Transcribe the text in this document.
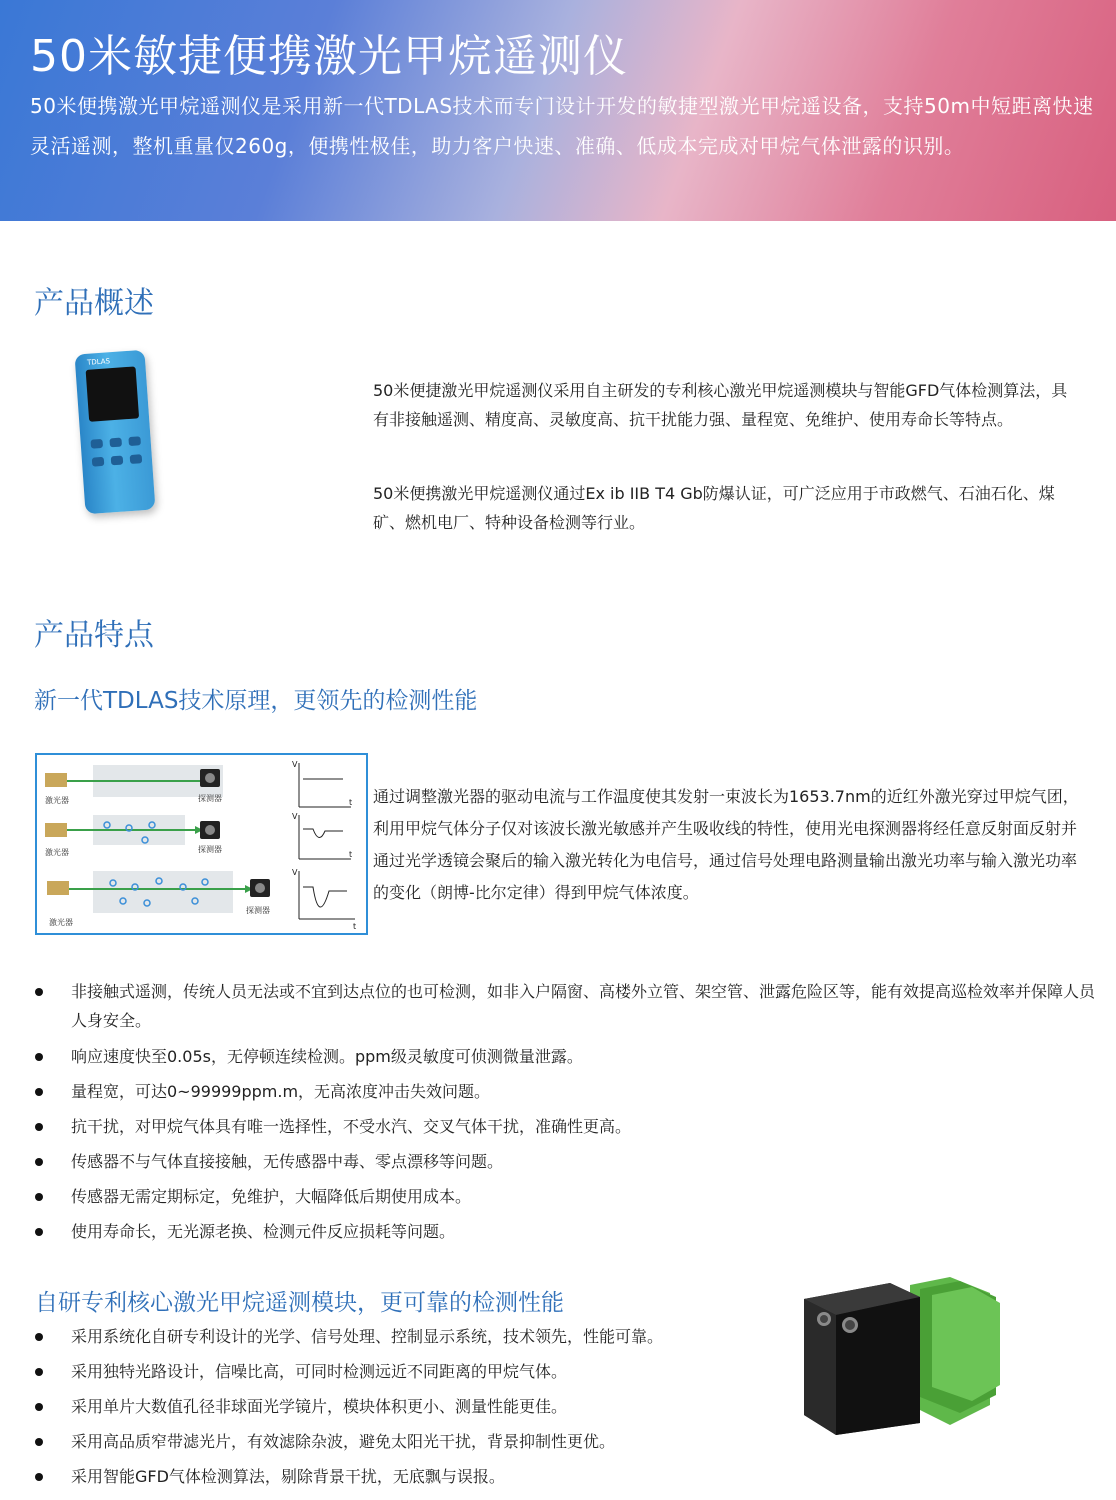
50米敏捷便携激光甲烷遥测仪
50米便携激光甲烷遥测仪是采用新一代TDLAS技术而专门设计开发的敏捷型激光甲烷遥设备，支持50m中短距离快速灵活遥测，整机重量仅260g，便携性极佳，助力客户快速、准确、低成本完成对甲烷气体泄露的识别。
产品概述
TDLAS
50米便捷激光甲烷遥测仪采用自主研发的专利核心激光甲烷遥测模块与智能GFD气体检测算法，具有非接触遥测、精度高、灵敏度高、抗干扰能力强、量程宽、免维护、使用寿命长等特点。
50米便携激光甲烷遥测仪通过Ex ib IIB T4 Gb防爆认证，可广泛应用于市政燃气、石油石化、煤矿、燃机电厂、特种设备检测等行业。
产品特点
新一代TDLAS技术原理，更领先的检测性能
激光器	探测器
激光器	探测器
激光器
探测器
V
t
V
t
V
t
通过调整激光器的驱动电流与工作温度使其发射一束波长为1653.7nm的近红外激光穿过甲烷气团，利用甲烷气体分子仅对该波长激光敏感并产生吸收线的特性，使用光电探测器将经任意反射面反射并通过光学透镜会聚后的输入激光转化为电信号，通过信号处理电路测量输出激光功率与输入激光功率的变化（朗博-比尔定律）得到甲烷气体浓度。
非接触式遥测，传统人员无法或不宜到达点位的也可检测，如非入户隔窗、高楼外立管、架空管、泄露危险区等，能有效提高巡检效率并保障人员人身安全。
响应速度快至0.05s，无停顿连续检测。ppm级灵敏度可侦测微量泄露。
量程宽，可达0~99999ppm.m，无高浓度冲击失效问题。
抗干扰，对甲烷气体具有唯一选择性，不受水汽、交叉气体干扰，准确性更高。
传感器不与气体直接接触，无传感器中毒、零点漂移等问题。
传感器无需定期标定，免维护，大幅降低后期使用成本。
使用寿命长，无光源老换、检测元件反应损耗等问题。
自研专利核心激光甲烷遥测模块，更可靠的检测性能
采用系统化自研专利设计的光学、信号处理、控制显示系统，技术领先，性能可靠。
采用独特光路设计，信噪比高，可同时检测远近不同距离的甲烷气体。
采用单片大数值孔径非球面光学镜片，模块体积更小、测量性能更佳。
采用高品质窄带滤光片，有效滤除杂波，避免太阳光干扰，背景抑制性更优。
采用智能GFD气体检测算法，剔除背景干扰，无底飘与误报。
